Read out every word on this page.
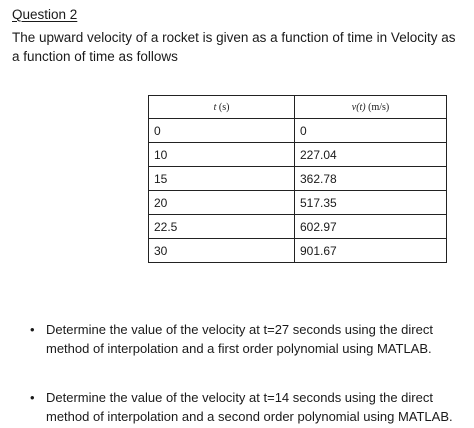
Question 2
The upward velocity of a rocket is given as a function of time in Velocity as a function of time as follows
t (s)	v(t) (m/s)

0	0

10	227.04

15	362.78

20	517.35

22.5	602.97

30	901.67
• Determine the value of the velocity at t=27 seconds using the direct method of interpolation and a first order polynomial using MATLAB.
• Determine the value of the velocity at t=14 seconds using the direct method of interpolation and a second order polynomial using MATLAB.
